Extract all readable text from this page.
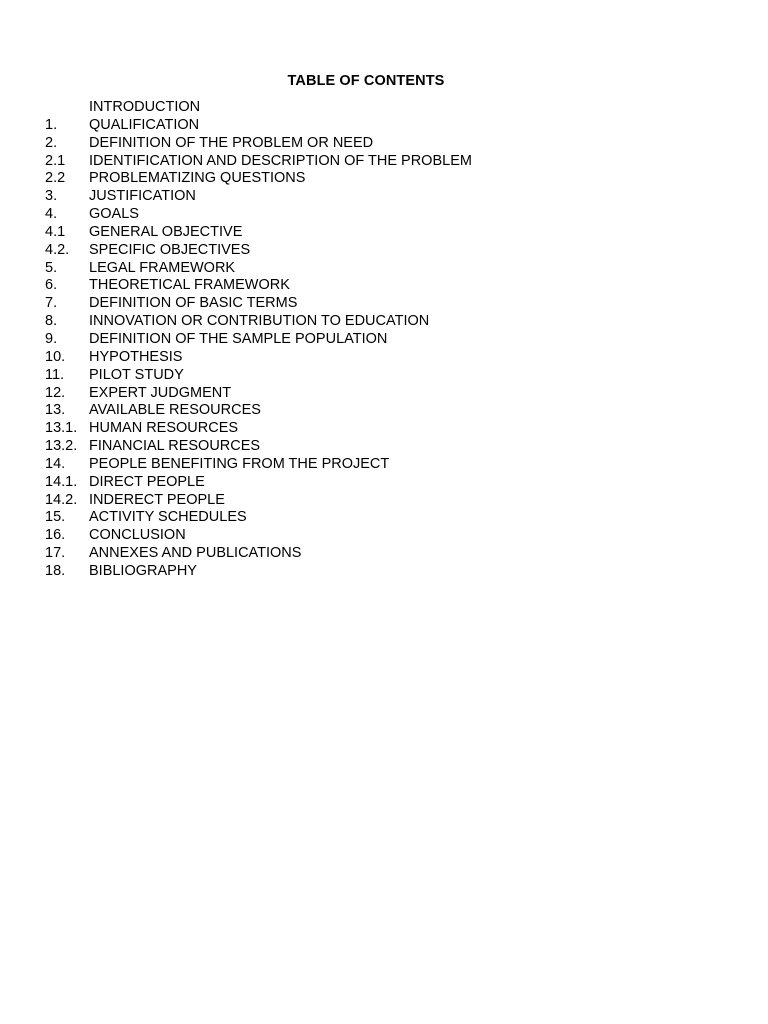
TABLE OF CONTENTS
INTRODUCTION
1.	QUALIFICATION
2.	DEFINITION OF THE PROBLEM OR NEED
2.1	IDENTIFICATION AND DESCRIPTION OF THE PROBLEM
2.2	PROBLEMATIZING QUESTIONS
3.	JUSTIFICATION
4.	GOALS
4.1	GENERAL OBJECTIVE
4.2.	SPECIFIC OBJECTIVES
5.	LEGAL FRAMEWORK
6.	THEORETICAL FRAMEWORK
7.	DEFINITION OF BASIC TERMS
8.	INNOVATION OR CONTRIBUTION TO EDUCATION
9.	DEFINITION OF THE SAMPLE POPULATION
10.	HYPOTHESIS
11.	PILOT STUDY
12.	EXPERT JUDGMENT
13.	AVAILABLE RESOURCES
13.1. HUMAN RESOURCES
13.2. FINANCIAL RESOURCES
14.	PEOPLE BENEFITING FROM THE PROJECT
14.1. DIRECT PEOPLE
14.2. INDERECT PEOPLE
15.	ACTIVITY SCHEDULES
16.	CONCLUSION
17.	ANNEXES AND PUBLICATIONS
18.	BIBLIOGRAPHY
